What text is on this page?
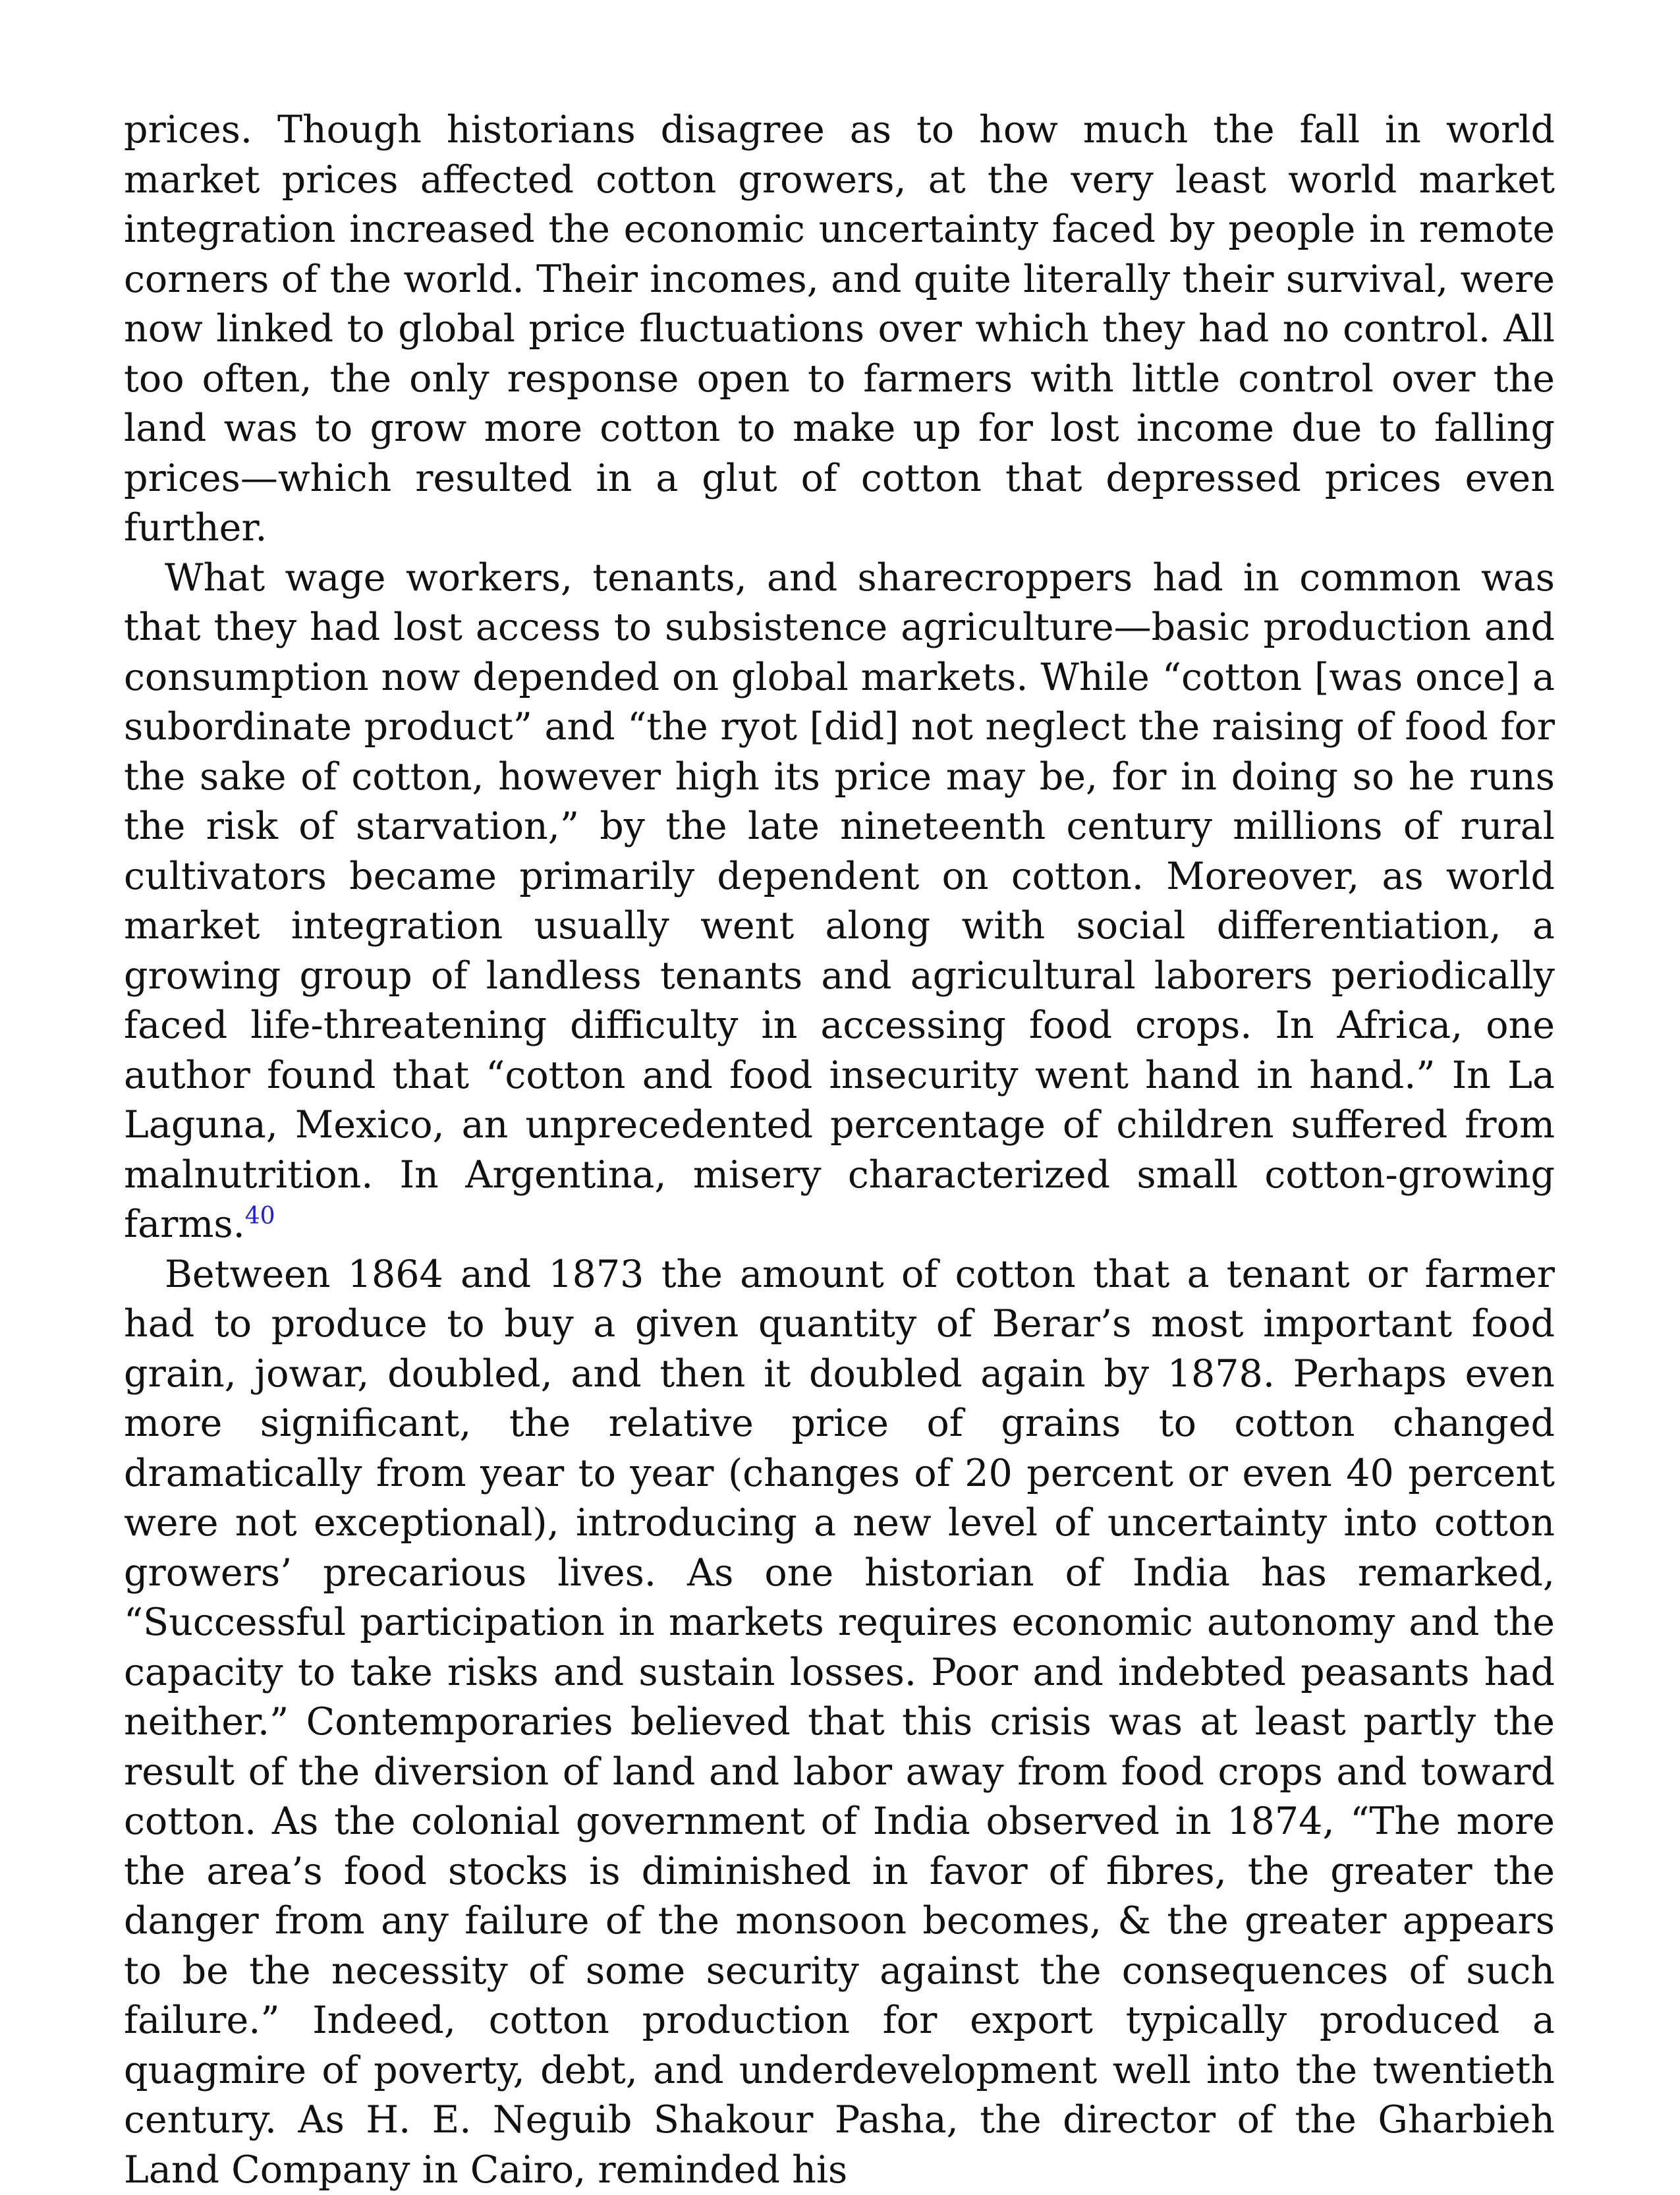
prices. Though historians disagree as to how much the fall in world market prices affected cotton growers, at the very least world market integration increased the economic uncertainty faced by people in remote corners of the world. Their incomes, and quite literally their survival, were now linked to global price fluctuations over which they had no control. All too often, the only response open to farmers with little control over the land was to grow more cotton to make up for lost income due to falling prices—which resulted in a glut of cotton that depressed prices even further.

What wage workers, tenants, and sharecroppers had in common was that they had lost access to subsistence agriculture—basic production and consumption now depended on global markets. While “cotton [was once] a subordinate product” and “the ryot [did] not neglect the raising of food for the sake of cotton, however high its price may be, for in doing so he runs the risk of starvation,” by the late nineteenth century millions of rural cultivators became primarily dependent on cotton. Moreover, as world market integration usually went along with social differentiation, a growing group of landless tenants and agricultural laborers periodically faced life-threatening difficulty in accessing food crops. In Africa, one author found that “cotton and food insecurity went hand in hand.” In La Laguna, Mexico, an unprecedented percentage of children suffered from malnutrition. In Argentina, misery characterized small cotton-growing farms.$^{40}$

Between 1864 and 1873 the amount of cotton that a tenant or farmer had to produce to buy a given quantity of Berar’s most important food grain, jowar, doubled, and then it doubled again by 1878. Perhaps even more significant, the relative price of grains to cotton changed dramatically from year to year (changes of 20 percent or even 40 percent were not exceptional), introducing a new level of uncertainty into cotton growers’ precarious lives. As one historian of India has remarked, “Successful participation in markets requires economic autonomy and the capacity to take risks and sustain losses. Poor and indebted peasants had neither.” Contemporaries believed that this crisis was at least partly the result of the diversion of land and labor away from food crops and toward cotton. As the colonial government of India observed in 1874, “The more the area’s food stocks is diminished in favor of fibres, the greater the danger from any failure of the monsoon becomes, & the greater appears to be the necessity of some security against the consequences of such failure.” Indeed, cotton production for export typically produced a quagmire of poverty, debt, and underdevelopment well into the twentieth century. As H. E. Neguib Shakour Pasha, the director of the Gharbieh Land Company in Cairo, reminded his
